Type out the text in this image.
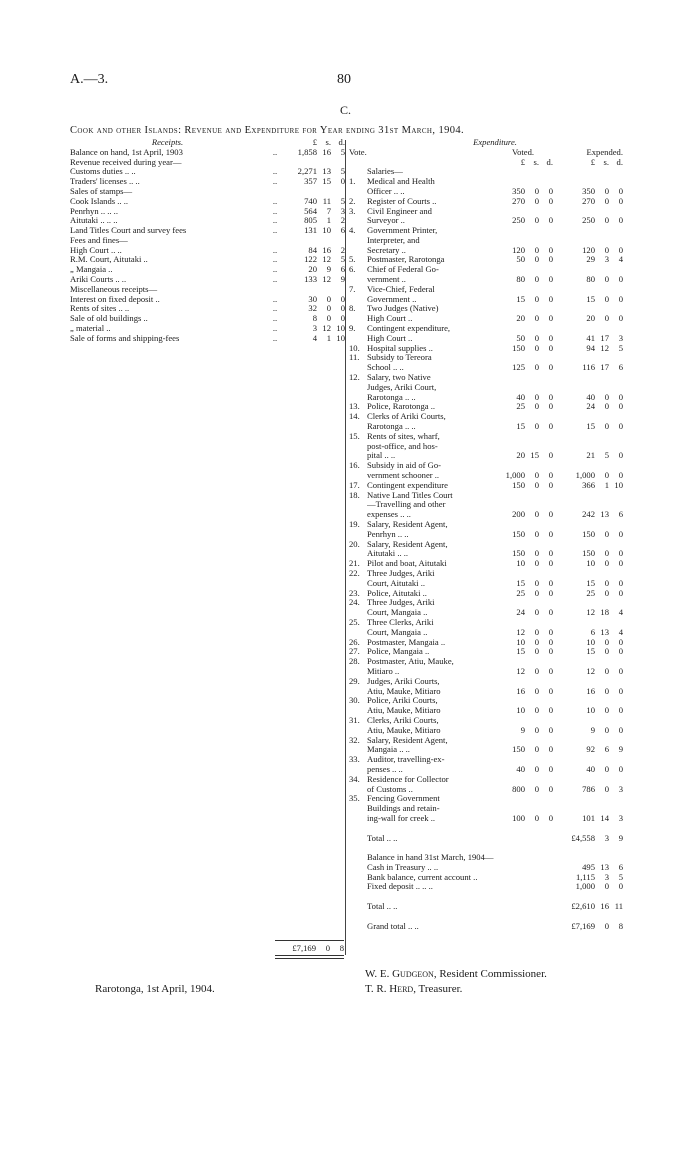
A.—3.	80
C.
Cook and other Islands: Revenue and Expenditure for Year ending 31st March, 1904.
Receipts.	£ s. d.
Balance on hand, 1st April, 1903	..	1,858 16	5
Revenue received during year—
Customs duties .. ..	..	2,271 13	5
Traders' licenses .. ..	..	357 15	0
Sales of stamps—
Cook Islands .. ..	..	740 11	5
Penrhyn .. .. ..	..	564	7	3
Aitutaki .. .. ..	..	805	1	2
Land Titles Court and survey fees	..	131 10	6
Fees and fines—
High Court .. ..	..	84 16	2
R.M. Court, Aitutaki ..	..	122 12	5
„ Mangaia ..	..	20	9	6
Ariki Courts .. ..	..	133 12	9
Miscellaneous receipts—
Interest on fixed deposit ..	..	30	0	0
Rents of sites .. ..	..	32	0	0
Sale of old buildings ..	..	8	0	0
„ material ..	..	3 12 10
Sale of forms and shipping-fees	..	4	1 10
Expenditure.
Vote.	Voted.	Expended.
£ s. d.	£ s. d.
Salaries—
1.	Medical and Health
Officer .. ..	350	0	0	350	0	0
2.	Register of Courts ..	270	0	0	270	0	0
3.	Civil Engineer and
Surveyor ..	250	0	0	250	0	0
4.	Government Printer,
Interpreter, and
Secretary ..	120	0	0	120	0	0
5.	Postmaster, Rarotonga	50	0	0	29	3	4
6.	Chief of Federal Go-
vernment ..	80	0	0	80	0	0
7.	Vice-Chief, Federal
Government ..	15	0	0	15	0	0
8.	Two Judges (Native)
High Court ..	20	0	0	20	0	0
9.	Contingent expenditure,
High Court ..	50	0	0	41 17	3
10. Hospital supplies ..	150	0	0	94 12	5
11. Subsidy to Tereora
School .. ..	125	0	0	116 17	6
12. Salary, two Native
Judges, Ariki Court,
Rarotonga .. ..	40	0	0	40	0	0
13. Police, Rarotonga ..	25	0	0	24	0	0
14. Clerks of Ariki Courts,
Rarotonga .. ..	15	0	0	15	0	0
15. Rents of sites, wharf,
post-office, and hos-
pital .. ..	20 15	0	21	5	0
16. Subsidy in aid of Go-
vernment schooner ..	1,000	0	0	1,000	0	0
17. Contingent expenditure	150	0	0	366	1 10
18. Native Land Titles Court
—Travelling and other
expenses .. ..	200	0	0	242 13	6
19. Salary, Resident Agent,
Penrhyn .. ..	150	0	0	150	0	0
20. Salary, Resident Agent,
Aitutaki .. ..	150	0	0	150	0	0
21. Pilot and boat, Aitutaki	10	0	0	10	0	0
22. Three Judges, Ariki
Court, Aitutaki ..	15	0	0	15	0	0
23. Police, Aitutaki ..	25	0	0	25	0	0
24. Three Judges, Ariki
Court, Mangaia ..	24	0	0	12 18	4
25. Three Clerks, Ariki
Court, Mangaia ..	12	0	0	6 13	4
26. Postmaster, Mangaia ..	10	0	0	10	0	0
27. Police, Mangaia ..	15	0	0	15	0	0
28. Postmaster, Atiu, Mauke,
Mitiaro ..	12	0	0	12	0	0
29. Judges, Ariki Courts,
Atiu, Mauke, Mitiaro	16	0	0	16	0	0
30. Police, Ariki Courts,
Atiu, Mauke, Mitiaro	10	0	0	10	0	0
31. Clerks, Ariki Courts,
Atiu, Mauke, Mitiaro	9	0	0	9	0	0
32. Salary, Resident Agent,
Mangaia .. ..	150	0	0	92	6	9
33. Auditor, travelling-ex-
penses .. ..	40	0	0	40	0	0
34. Residence for Collector
of Customs ..	800	0	0	786	0	3
35. Fencing Government
Buildings and retain-
ing-wall for creek ..	100	0	0	101 14	3
Total .. ..	£4,558	3	9
Balance in hand 31st March, 1904—
Cash in Treasury .. ..	495 13	6
Bank balance, current account ..	1,115	3	5
Fixed deposit .. .. ..	1,000	0	0
Total .. ..	£2,610 16 11
Grand total .. ..	£7,169	0	8
£7,169	0	8
Rarotonga, 1st April, 1904.
W. E. Gudgeon, Resident Commissioner.
T. R. Herd, Treasurer.
